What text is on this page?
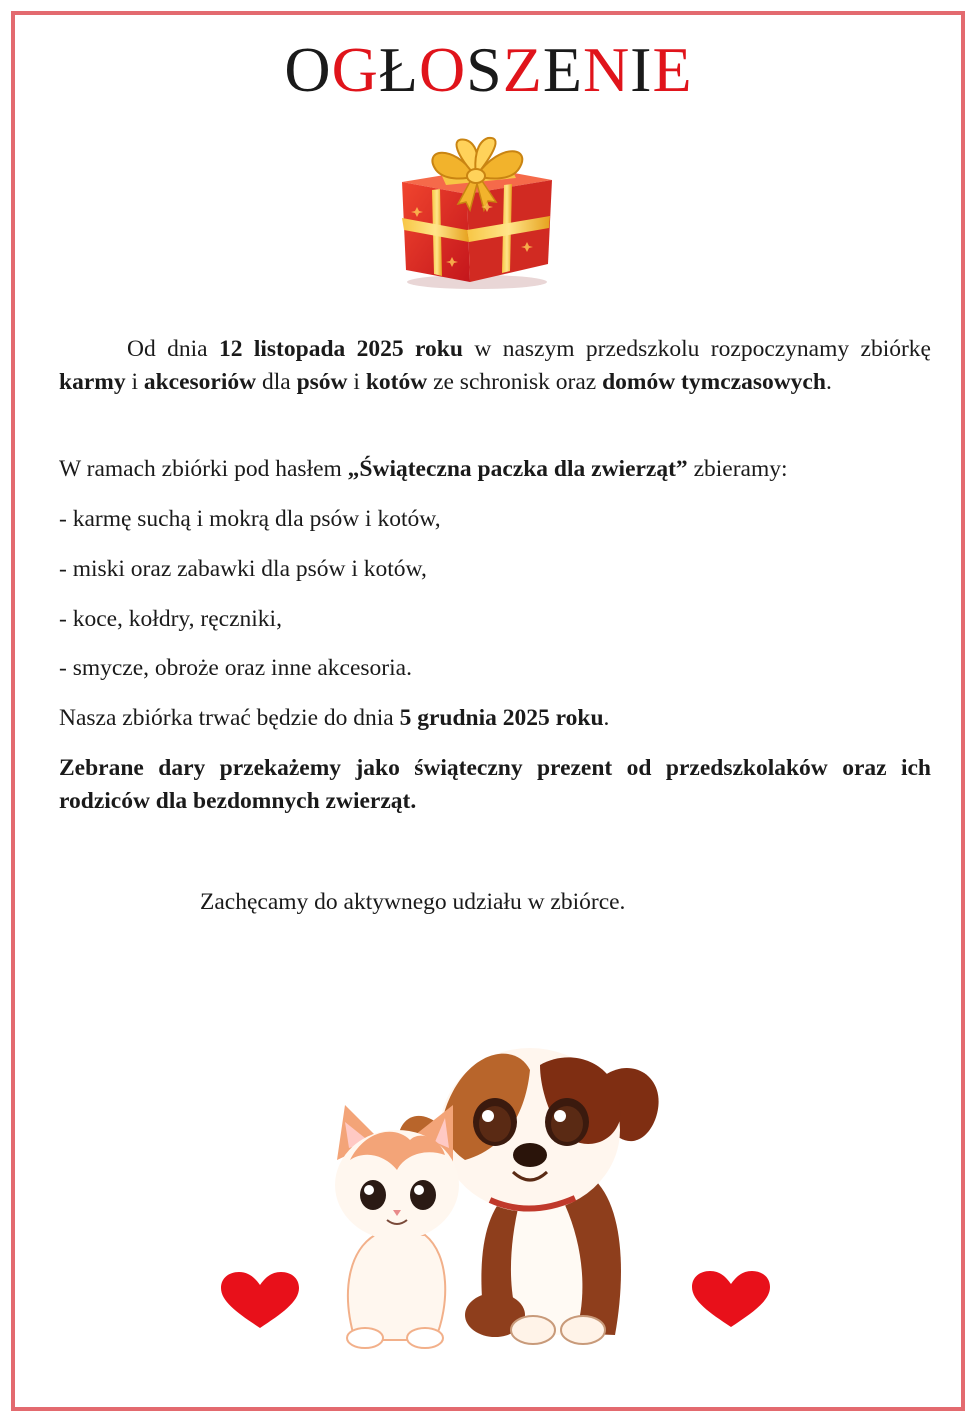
OGŁOSZENIE
Od dnia 12 listopada 2025 roku w naszym przedszkolu rozpoczynamy zbiórkę karmy i akcesoriów dla psów i kotów ze schronisk oraz domów tymczasowych.
W ramach zbiórki pod hasłem „Świąteczna paczka dla zwierząt” zbieramy:
- karmę suchą i mokrą dla psów i kotów,
- miski oraz zabawki dla psów i kotów,
- koce, kołdry, ręczniki,
- smycze, obroże oraz inne akcesoria.
Nasza zbiórka trwać będzie do dnia 5 grudnia 2025 roku.
Zebrane dary przekażemy jako świąteczny prezent od przedszkolaków oraz ich rodziców dla bezdomnych zwierząt.
Zachęcamy do aktywnego udziału w zbiórce.
